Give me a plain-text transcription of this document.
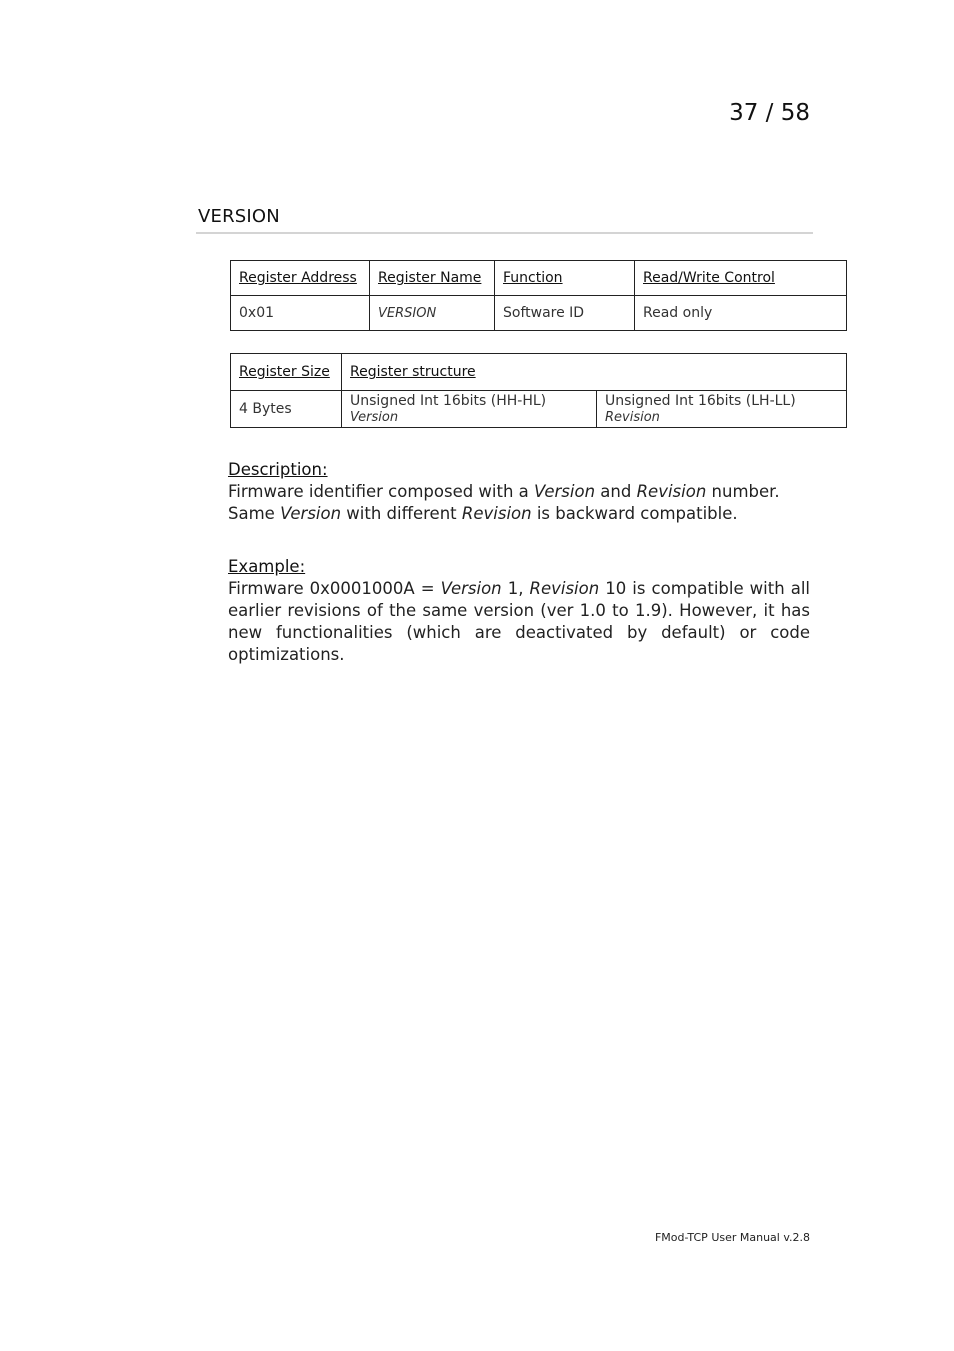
37 / 58
VERSION
Register Address	Register Name	Function	Read/Write Control
0x01	VERSION	Software ID	Read only
Register Size	Register structure	
4 Bytes	Unsigned Int 16bits (HH-HL) Version	Unsigned Int 16bits (LH-LL) Revision
Description:
Firmware identifier composed with a Version and Revision number.
Same Version with different Revision is backward compatible.
Example:
Firmware 0x0001000A = Version 1, Revision 10 is compatible with all earlier revisions of the same version (ver 1.0 to 1.9). However, it has new functionalities (which are deactivated by default) or code optimizations.
FMod-TCP User Manual v.2.8
